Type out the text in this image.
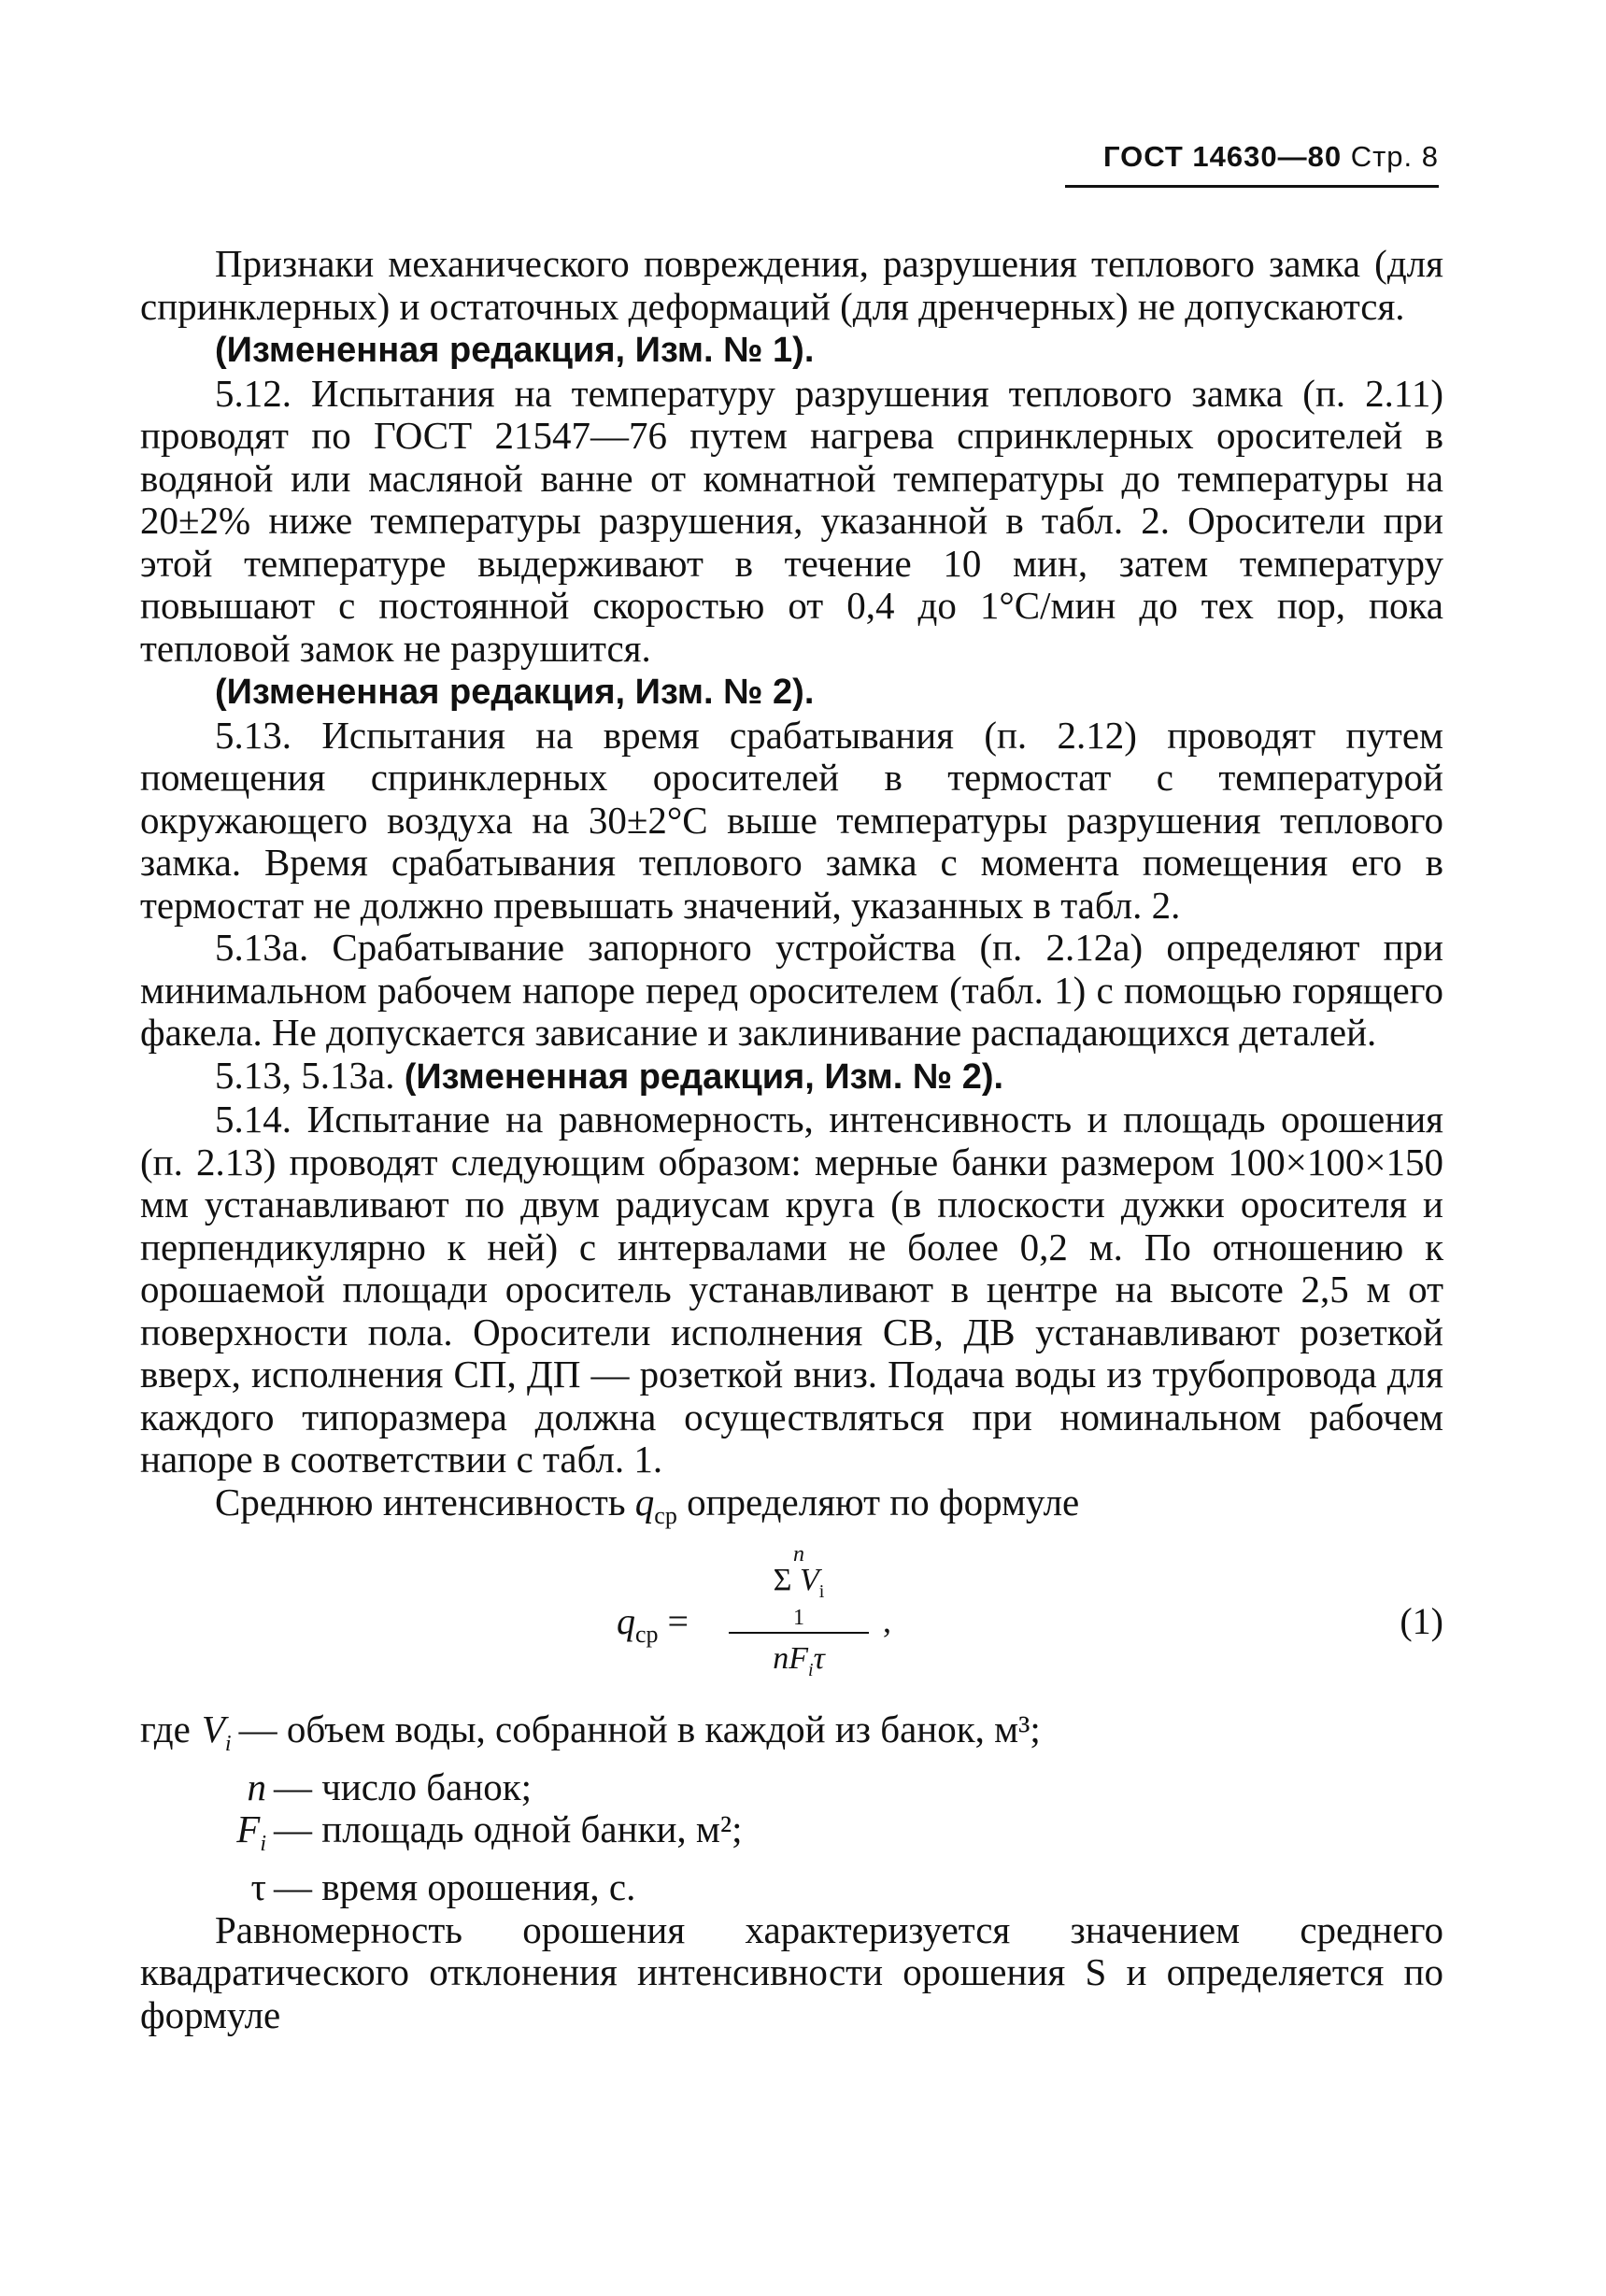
ГОСТ 14630—80 Стр. 8

Признаки механического повреждения, разрушения теплового замка (для спринклерных) и остаточных деформаций (для дренчерных) не допускаются.

(Измененная редакция, Изм. № 1).

5.12. Испытания на температуру разрушения теплового замка (п. 2.11) проводят по ГОСТ 21547—76 путем нагрева спринклерных оросителей в водяной или масляной ванне от комнатной температуры до температуры на 20±2% ниже температуры разрушения, указанной в табл. 2. Оросители при этой температуре выдерживают в течение 10 мин, затем температуру повышают с постоянной скоростью от 0,4 до 1°С/мин до тех пор, пока тепловой замок не разрушится.

(Измененная редакция, Изм. № 2).

5.13. Испытания на время срабатывания (п. 2.12) проводят путем помещения спринклерных оросителей в термостат с температурой окружающего воздуха на 30±2°С выше температуры разрушения теплового замка. Время срабатывания теплового замка с момента помещения его в термостат не должно превышать значений, указанных в табл. 2.

5.13а. Срабатывание запорного устройства (п. 2.12а) определяют при минимальном рабочем напоре перед оросителем (табл. 1) с помощью горящего факела. Не допускается зависание и заклинивание распадающихся деталей.

5.13, 5.13а. (Измененная редакция, Изм. № 2).

5.14. Испытание на равномерность, интенсивность и площадь орошения (п. 2.13) проводят следующим образом: мерные банки размером 100×100×150 мм устанавливают по двум радиусам круга (в плоскости дужки оросителя и перпендикулярно к ней) с интервалами не более 0,2 м. По отношению к орошаемой площади ороситель устанавливают в центре на высоте 2,5 м от поверхности пола. Оросители исполнения СВ, ДВ устанавливают розеткой вверх, исполнения СП, ДП — розеткой вниз. Подача воды из трубопровода для каждого типоразмера должна осуществляться при номинальном рабочем напоре в соответствии с табл. 1.

Среднюю интенсивность $q_{ср}$ определяют по формуле

$q_{ср}$ =
n
Σ $V_i$
1
$nF_i\tau$
,	(1)
где $V_i$ — объем воды, собранной в каждой из банок, м³;
n — число банок;
$F_i$ — площадь одной банки, м²;
τ — время орошения, с.

Равномерность орошения характеризуется значением среднего квадратического отклонения интенсивности орошения S и определяется по формуле
